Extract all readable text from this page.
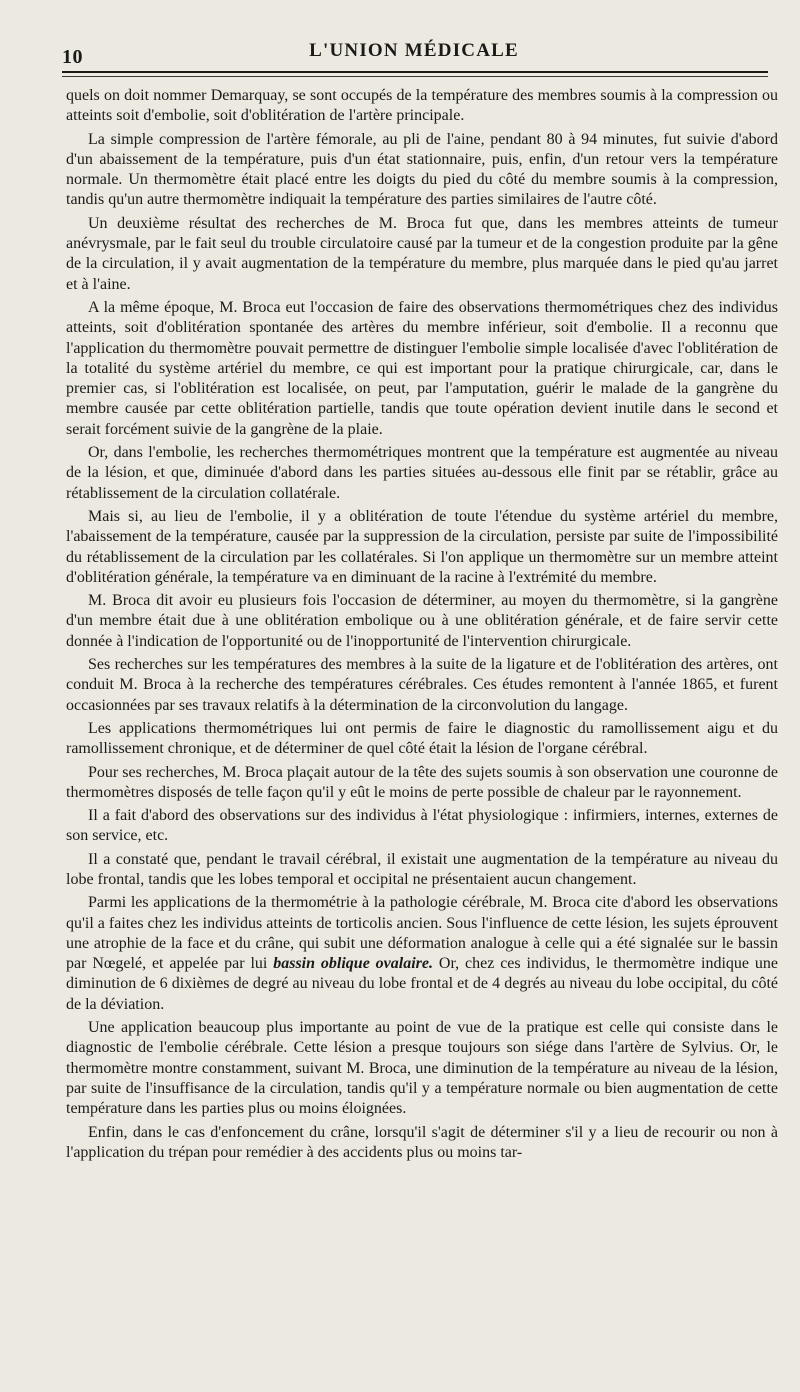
10	L'UNION MÉDICALE

quels on doit nommer Demarquay, se sont occupés de la température des membres soumis à la compression ou atteints soit d'embolie, soit d'oblitération de l'artère principale.

La simple compression de l'artère fémorale, au pli de l'aine, pendant 80 à 94 minutes, fut suivie d'abord d'un abaissement de la température, puis d'un état stationnaire, puis, enfin, d'un retour vers la température normale. Un thermomètre était placé entre les doigts du pied du côté du membre soumis à la compression, tandis qu'un autre thermomètre indiquait la température des parties similaires de l'autre côté.

Un deuxième résultat des recherches de M. Broca fut que, dans les membres atteints de tumeur anévrysmale, par le fait seul du trouble circulatoire causé par la tumeur et de la congestion produite par la gêne de la circulation, il y avait augmentation de la température du membre, plus marquée dans le pied qu'au jarret et à l'aine.

A la même époque, M. Broca eut l'occasion de faire des observations thermométriques chez des individus atteints, soit d'oblitération spontanée des artères du membre inférieur, soit d'embolie. Il a reconnu que l'application du thermomètre pouvait permettre de distinguer l'embolie simple localisée d'avec l'oblitération de la totalité du système artériel du membre, ce qui est important pour la pratique chirurgicale, car, dans le premier cas, si l'oblitération est localisée, on peut, par l'amputation, guérir le malade de la gangrène du membre causée par cette oblitération partielle, tandis que toute opération devient inutile dans le second et serait forcément suivie de la gangrène de la plaie.

Or, dans l'embolie, les recherches thermométriques montrent que la température est augmentée au niveau de la lésion, et que, diminuée d'abord dans les parties situées au-dessous elle finit par se rétablir, grâce au rétablissement de la circulation collatérale.

Mais si, au lieu de l'embolie, il y a oblitération de toute l'étendue du système artériel du membre, l'abaissement de la température, causée par la suppression de la circulation, persiste par suite de l'impossibilité du rétablissement de la circulation par les collatérales. Si l'on applique un thermomètre sur un membre atteint d'oblitération générale, la température va en diminuant de la racine à l'extrémité du membre.

M. Broca dit avoir eu plusieurs fois l'occasion de déterminer, au moyen du thermomètre, si la gangrène d'un membre était due à une oblitération embolique ou à une oblitération générale, et de faire servir cette donnée à l'indication de l'opportunité ou de l'inopportunité de l'intervention chirurgicale.

Ses recherches sur les températures des membres à la suite de la ligature et de l'oblitération des artères, ont conduit M. Broca à la recherche des températures cérébrales. Ces études remontent à l'année 1865, et furent occasionnées par ses travaux relatifs à la détermination de la circonvolution du langage.

Les applications thermométriques lui ont permis de faire le diagnostic du ramollissement aigu et du ramollissement chronique, et de déterminer de quel côté était la lésion de l'organe cérébral.

Pour ses recherches, M. Broca plaçait autour de la tête des sujets soumis à son observation une couronne de thermomètres disposés de telle façon qu'il y eût le moins de perte possible de chaleur par le rayonnement.

Il a fait d'abord des observations sur des individus à l'état physiologique : infirmiers, internes, externes de son service, etc.

Il a constaté que, pendant le travail cérébral, il existait une augmentation de la température au niveau du lobe frontal, tandis que les lobes temporal et occipital ne présentaient aucun changement.

Parmi les applications de la thermométrie à la pathologie cérébrale, M. Broca cite d'abord les observations qu'il a faites chez les individus atteints de torticolis ancien. Sous l'influence de cette lésion, les sujets éprouvent une atrophie de la face et du crâne, qui subit une déformation analogue à celle qui a été signalée sur le bassin par Nœgelé, et appelée par lui bassin oblique ovalaire. Or, chez ces individus, le thermomètre indique une diminution de 6 dixièmes de degré au niveau du lobe frontal et de 4 degrés au niveau du lobe occipital, du côté de la déviation.

Une application beaucoup plus importante au point de vue de la pratique est celle qui consiste dans le diagnostic de l'embolie cérébrale. Cette lésion a presque toujours son siége dans l'artère de Sylvius. Or, le thermomètre montre constamment, suivant M. Broca, une diminution de la température au niveau de la lésion, par suite de l'insuffisance de la circulation, tandis qu'il y a température normale ou bien augmentation de cette température dans les parties plus ou moins éloignées.

Enfin, dans le cas d'enfoncement du crâne, lorsqu'il s'agit de déterminer s'il y a lieu de recourir ou non à l'application du trépan pour remédier à des accidents plus ou moins tar-
